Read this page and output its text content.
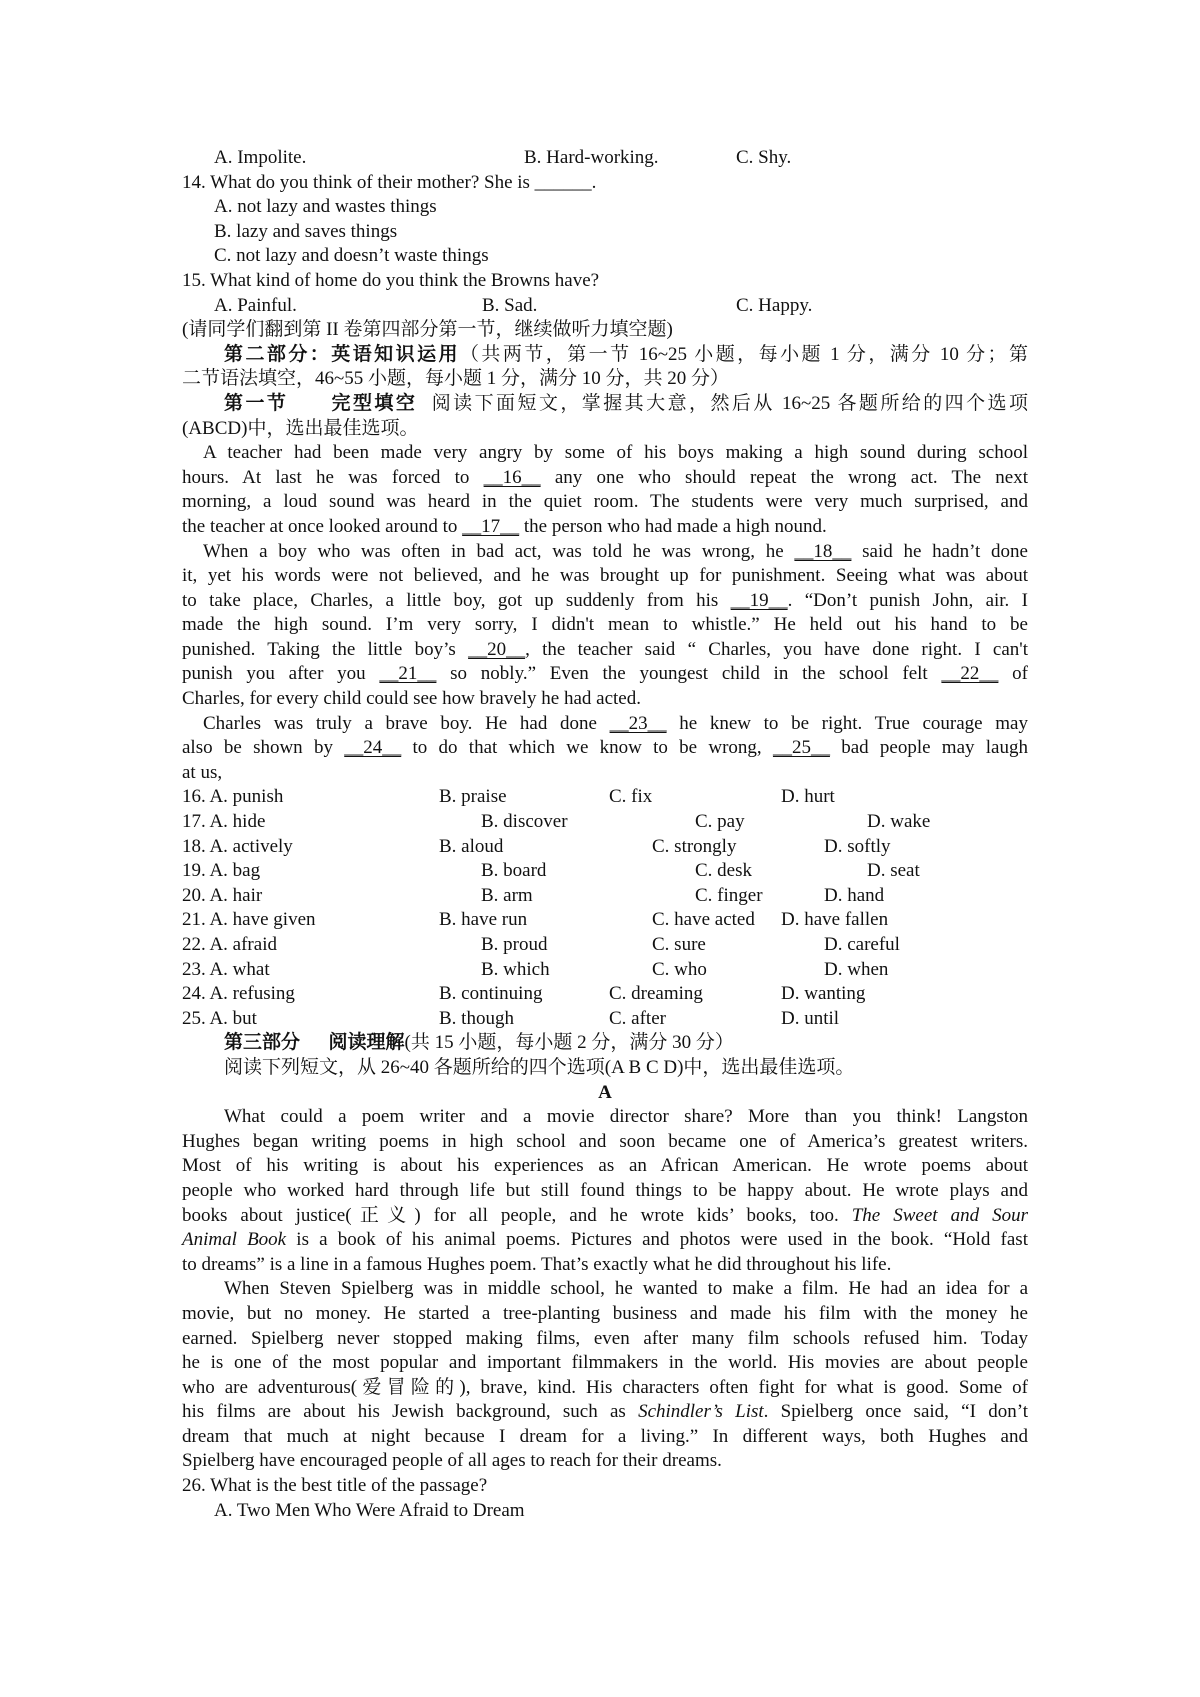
A. Impolite.	B. Hard-working.	C. Shy.
14. What do you think of their mother? She is ______.
A. not lazy and wastes things
B. lazy and saves things
C. not lazy and doesn’t waste things
15. What kind of home do you think the Browns have?
A. Painful.	B. Sad.	C. Happy.
(请同学们翻到第 II 卷第四部分第一节，继续做听力填空题)
第二部分：英语知识运用（共两节，第一节 16~25 小题，每小题 1 分，满分 10 分；第
二节语法填空，46~55 小题，每小题 1 分，满分 10 分，共 20 分）
第一节 完型填空 阅读下面短文，掌握其大意，然后从 16~25 各题所给的四个选项
(ABCD)中，选出最佳选项。
A teacher had been made very angry by some of his boys making a high sound during school
hours. At last he was forced to __16__ any one who should repeat the wrong act. The next
morning, a loud sound was heard in the quiet room. The students were very much surprised, and
the teacher at once looked around to __17__ the person who had made a high nound.
When a boy who was often in bad act, was told he was wrong, he __18__ said he hadn’t done
it, yet his words were not believed, and he was brought up for punishment. Seeing what was about
to take place, Charles, a little boy, got up suddenly from his __19__. “Don’t punish John, air. I
made the high sound. I’m very sorry, I didn't mean to whistle.” He held out his hand to be
punished. Taking the little boy’s __20__, the teacher said “ Charles, you have done right. I can't
punish you after you __21__ so nobly.” Even the youngest child in the school felt __22__ of
Charles, for every child could see how bravely he had acted.
Charles was truly a brave boy. He had done __23__ he knew to be right. True courage may
also be shown by __24__ to do that which we know to be wrong, __25__ bad people may laugh
at us,
16. A. punish	B. praise	C. fix	D. hurt
17. A. hide	B. discover	C. pay	D. wake
18. A. actively	B. aloud	C. strongly	D. softly
19. A. bag	B. board	C. desk	D. seat
20. A. hair	B. arm	C. finger	D. hand
21. A. have given	B. have run	C. have acted D. have fallen
22. A. afraid	B. proud	C. sure	D. careful
23. A. what	B. which	C. who	D. when
24. A. refusing	B. continuing	C. dreaming	D. wanting
25. A. but	B. though	C. after	D. until
第三部分 阅读理解(共 15 小题，每小题 2 分，满分 30 分）
阅读下列短文，从 26~40 各题所给的四个选项(A B C D)中，选出最佳选项。
A
What could a poem writer and a movie director share? More than you think! Langston
Hughes began writing poems in high school and soon became one of America’s greatest writers.
Most of his writing is about his experiences as an African American. He wrote poems about
people who worked hard through life but still found things to be happy about. He wrote plays and
books about justice(正义) for all people, and he wrote kids’ books, too. The Sweet and Sour
Animal Book is a book of his animal poems. Pictures and photos were used in the book. “Hold fast
to dreams” is a line in a famous Hughes poem. That’s exactly what he did throughout his life.
When Steven Spielberg was in middle school, he wanted to make a film. He had an idea for a
movie, but no money. He started a tree-planting business and made his film with the money he
earned. Spielberg never stopped making films, even after many film schools refused him. Today
he is one of the most popular and important filmmakers in the world. His movies are about people
who are adventurous(爱冒险的), brave, kind. His characters often fight for what is good. Some of
his films are about his Jewish background, such as Schindler’s List. Spielberg once said, “I don’t
dream that much at night because I dream for a living.” In different ways, both Hughes and
Spielberg have encouraged people of all ages to reach for their dreams.
26. What is the best title of the passage?
A. Two Men Who Were Afraid to Dream
